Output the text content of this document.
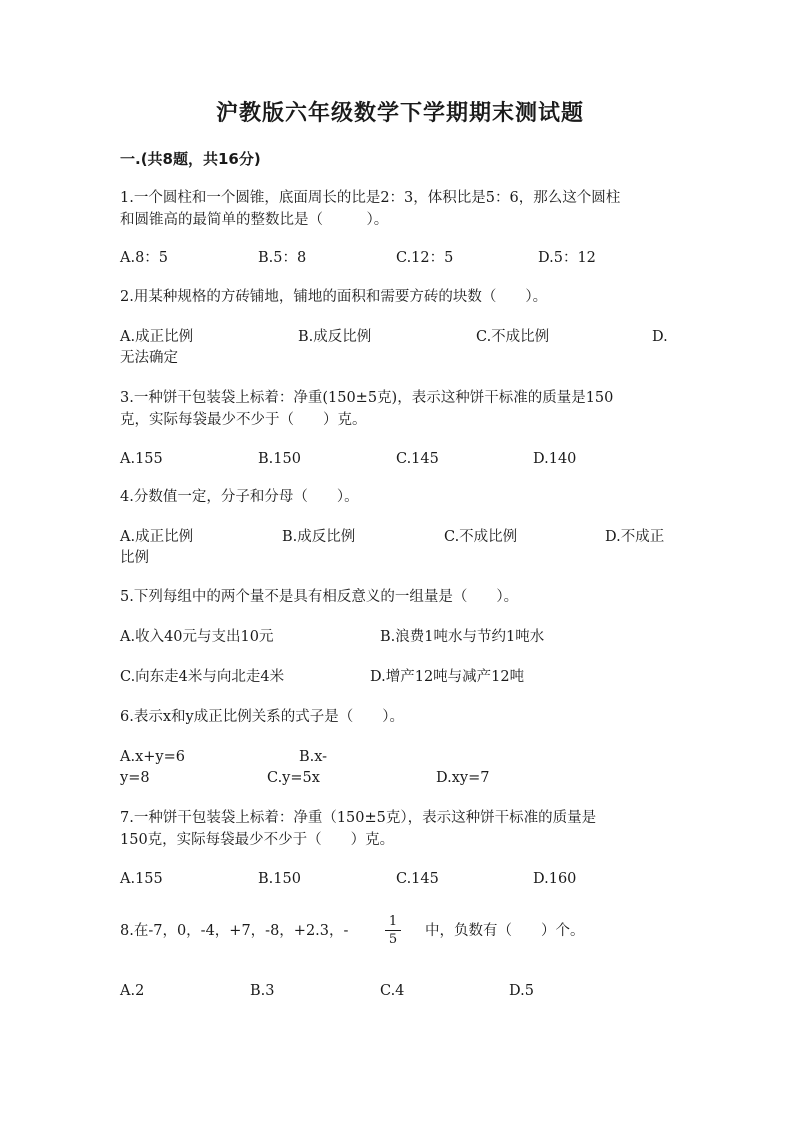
沪教版六年级数学下学期期末测试题
一.(共8题，共16分)
1.一个圆柱和一个圆锥，底面周长的比是2：3，体积比是5：6，那么这个圆柱
和圆锥高的最简单的整数比是（　　　）。
A.8：5	B.5：8	C.12：5	D.5：12
2.用某种规格的方砖铺地，铺地的面积和需要方砖的块数（　　）。
A.成正比例	B.成反比例	C.不成比例	D.
无法确定
3.一种饼干包装袋上标着：净重(150±5克)，表示这种饼干标准的质量是150
克，实际每袋最少不少于（　　）克。
A.155	B.150	C.145	D.140
4.分数值一定，分子和分母（　　）。
A.成正比例	B.成反比例	C.不成比例	D.不成正
比例
5.下列每组中的两个量不是具有相反意义的一组量是（　　）。
A.收入40元与支出10元	B.浪费1吨水与节约1吨水
C.向东走4米与向北走4米	D.增产12吨与减产12吨
6.表示x和y成正比例关系的式子是（　　）。
A.x+y=6	B.x-
y=8	C.y=5x	D.xy=7
7.一种饼干包装袋上标着：净重（150±5克），表示这种饼干标准的质量是
150克，实际每袋最少不少于（　　）克。
A.155	B.150	C.145	D.160
8.在-7，0，-4，+7，-8，+2.3，-
1
5
中，负数有（　　）个。
A.2	B.3	C.4	D.5
